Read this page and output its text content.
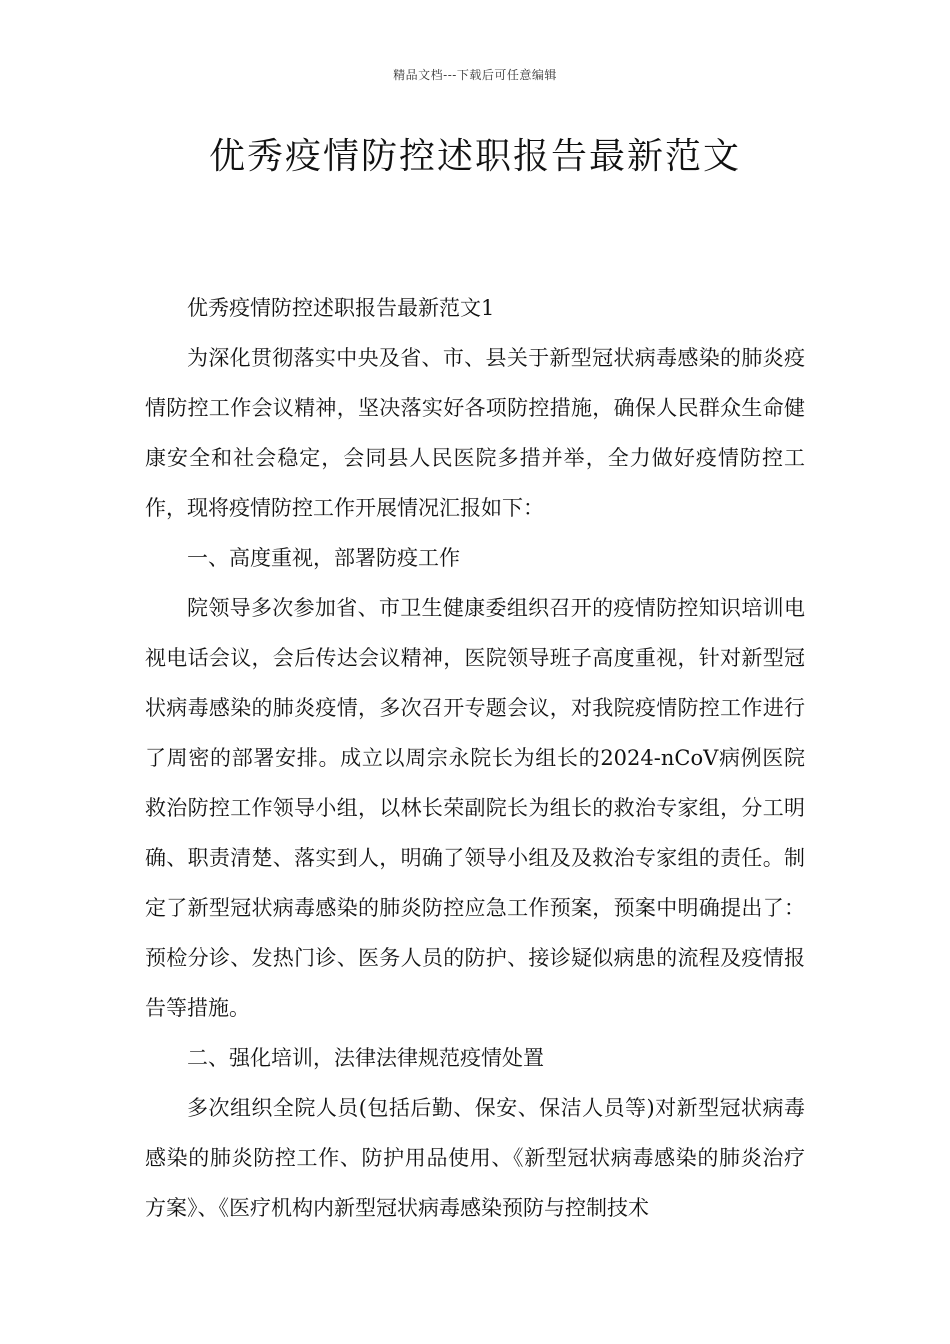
精品文档---下载后可任意编辑
优秀疫情防控述职报告最新范文

优秀疫情防控述职报告最新范文1

为深化贯彻落实中央及省、市、县关于新型冠状病毒感染的肺炎疫情防控工作会议精神，坚决落实好各项防控措施，确保人民群众生命健康安全和社会稳定，会同县人民医院多措并举，全力做好疫情防控工作，现将疫情防控工作开展情况汇报如下：

一、高度重视，部署防疫工作

院领导多次参加省、市卫生健康委组织召开的疫情防控知识培训电视电话会议，会后传达会议精神，医院领导班子高度重视，针对新型冠状病毒感染的肺炎疫情，多次召开专题会议，对我院疫情防控工作进行了周密的部署安排。成立以周宗永院长为组长的2024-nCoV病例医院救治防控工作领导小组，以林长荣副院长为组长的救治专家组，分工明确、职责清楚、落实到人，明确了领导小组及及救治专家组的责任。制定了新型冠状病毒感染的肺炎防控应急工作预案，预案中明确提出了：预检分诊、发热门诊、医务人员的防护、接诊疑似病患的流程及疫情报告等措施。

二、强化培训，法律法律规范疫情处置

多次组织全院人员(包括后勤、保安、保洁人员等)对新型冠状病毒感染的肺炎防控工作、防护用品使用、《新型冠状病毒感染的肺炎治疗方案》、《医疗机构内新型冠状病毒感染预防与控制技术
